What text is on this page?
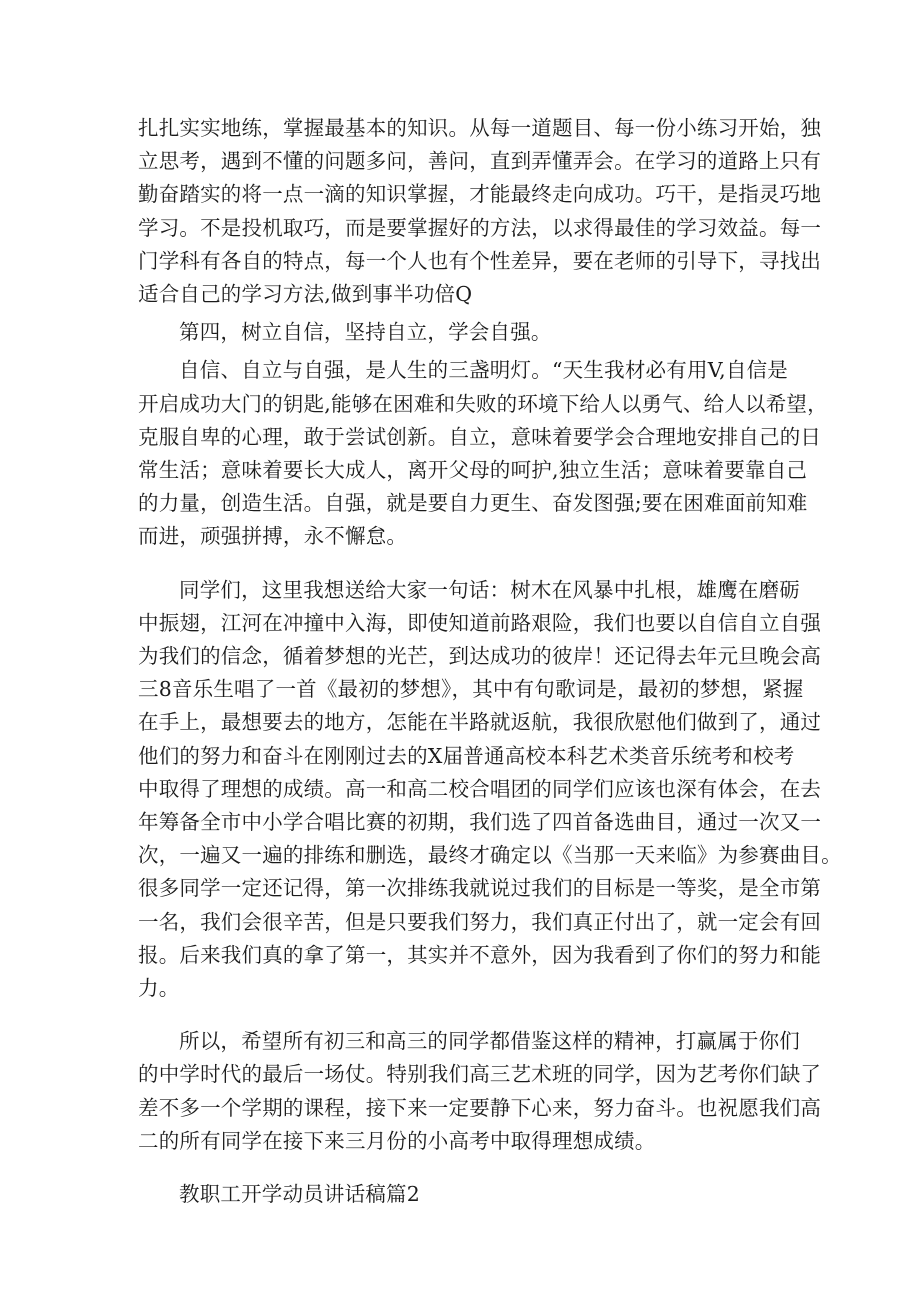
扎扎实实地练，掌握最基本的知识。从每一道题目、每一份小练习开始，独
立思考，遇到不懂的问题多问，善问，直到弄懂弄会。在学习的道路上只有
勤奋踏实的将一点一滴的知识掌握，才能最终走向成功。巧干，是指灵巧地
学习。不是投机取巧，而是要掌握好的方法，以求得最佳的学习效益。每一
门学科有各自的特点，每一个人也有个性差异，要在老师的引导下，寻找出
适合自己的学习方法,做到事半功倍Q
第四，树立自信，坚持自立，学会自强。
自信、自立与自强，是人生的三盏明灯。“天生我材必有用V,自信是
开启成功大门的钥匙,能够在困难和失败的环境下给人以勇气、给人以希望，
克服自卑的心理，敢于尝试创新。自立，意味着要学会合理地安排自己的日
常生活；意味着要长大成人，离开父母的呵护,独立生活；意味着要靠自己
的力量，创造生活。自强，就是要自力更生、奋发图强;要在困难面前知难
而进，顽强拼搏，永不懈怠。
同学们，这里我想送给大家一句话：树木在风暴中扎根，雄鹰在磨砺
中振翅，江河在冲撞中入海，即使知道前路艰险，我们也要以自信自立自强
为我们的信念，循着梦想的光芒，到达成功的彼岸！还记得去年元旦晚会高
三8音乐生唱了一首《最初的梦想》，其中有句歌词是，最初的梦想，紧握
在手上，最想要去的地方，怎能在半路就返航，我很欣慰他们做到了，通过
他们的努力和奋斗在刚刚过去的X届普通高校本科艺术类音乐统考和校考
中取得了理想的成绩。高一和高二校合唱团的同学们应该也深有体会，在去
年筹备全市中小学合唱比赛的初期，我们选了四首备选曲目，通过一次又一
次，一遍又一遍的排练和删选，最终才确定以《当那一天来临》为参赛曲目。
很多同学一定还记得，第一次排练我就说过我们的目标是一等奖，是全市第
一名，我们会很辛苦，但是只要我们努力，我们真正付出了，就一定会有回
报。后来我们真的拿了第一，其实并不意外，因为我看到了你们的努力和能
力。
所以，希望所有初三和高三的同学都借鉴这样的精神，打赢属于你们
的中学时代的最后一场仗。特别我们高三艺术班的同学，因为艺考你们缺了
差不多一个学期的课程，接下来一定要静下心来，努力奋斗。也祝愿我们高
二的所有同学在接下来三月份的小高考中取得理想成绩。
教职工开学动员讲话稿篇2
